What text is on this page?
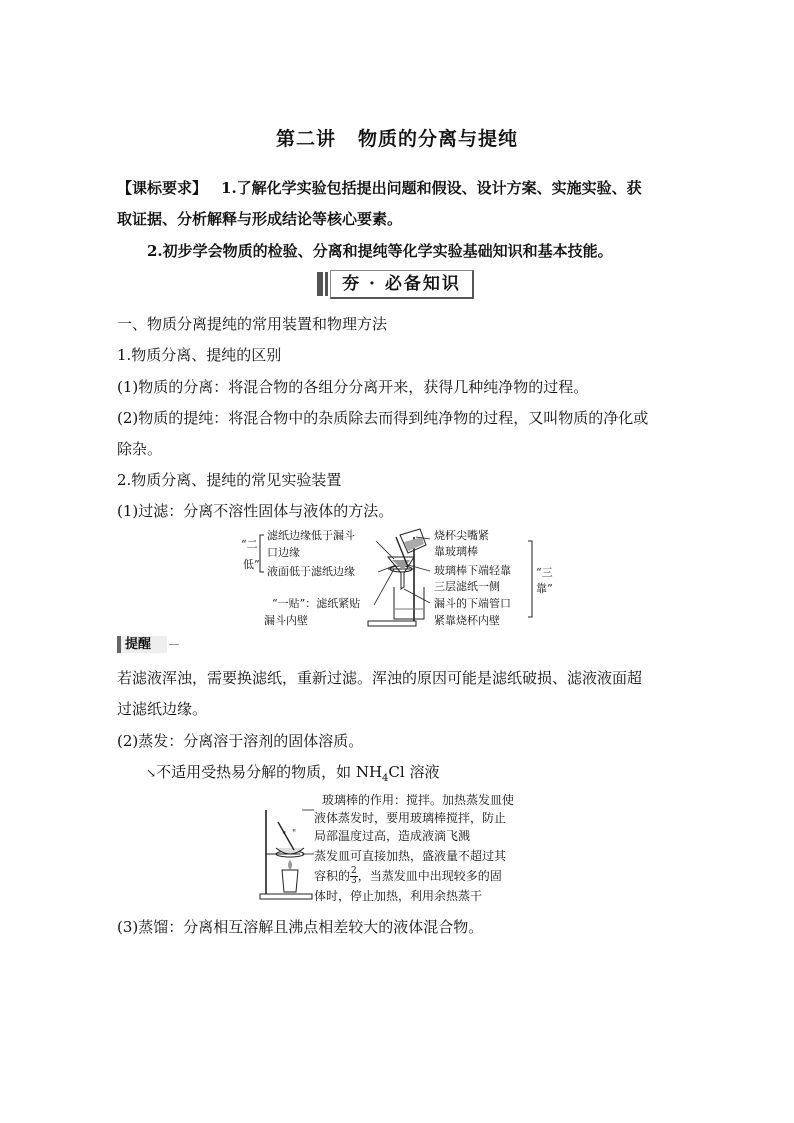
第二讲 物质的分离与提纯
【课标要求】 1.了解化学实验包括提出问题和假设、设计方案、实施实验、获
取证据、分析解释与形成结论等核心要素。
2.初步学会物质的检验、分离和提纯等化学实验基础知识和基本技能。
夯 · 必备知识
一、物质分离提纯的常用装置和物理方法
1.物质分离、提纯的区别
(1)物质的分离：将混合物的各组分分离开来，获得几种纯净物的过程。
(2)物质的提纯：将混合物中的杂质除去而得到纯净物的过程，又叫物质的净化或
除杂。
2.物质分离、提纯的常见实验装置
(1)过滤：分离不溶性固体与液体的方法。
“二
低”
滤纸边缘低于漏斗
口边缘
液面低于滤纸边缘
“一贴”：滤纸紧贴
漏斗内壁
烧杯尖嘴紧
靠玻璃棒
玻璃棒下端轻靠
三层滤纸一侧
漏斗的下端管口
紧靠烧杯内壁
“三
靠”
提醒
若滤液浑浊，需要换滤纸，重新过滤。浑浊的原因可能是滤纸破损、滤液液面超
过滤纸边缘。
(2)蒸发：分离溶于溶剂的固体溶质。
↘不适用受热易分解的物质，如 $NH_4Cl$ 溶液
" "
玻璃棒的作用：搅拌。加热蒸发皿使
液体蒸发时，要用玻璃棒搅拌，防止
局部温度过高，造成液滴飞溅
蒸发皿可直接加热，盛液量不超过其
容积的 $\frac{2}{3}$ ，当蒸发皿中出现较多的固
体时，停止加热，利用余热蒸干
(3)蒸馏：分离相互溶解且沸点相差较大的液体混合物。
